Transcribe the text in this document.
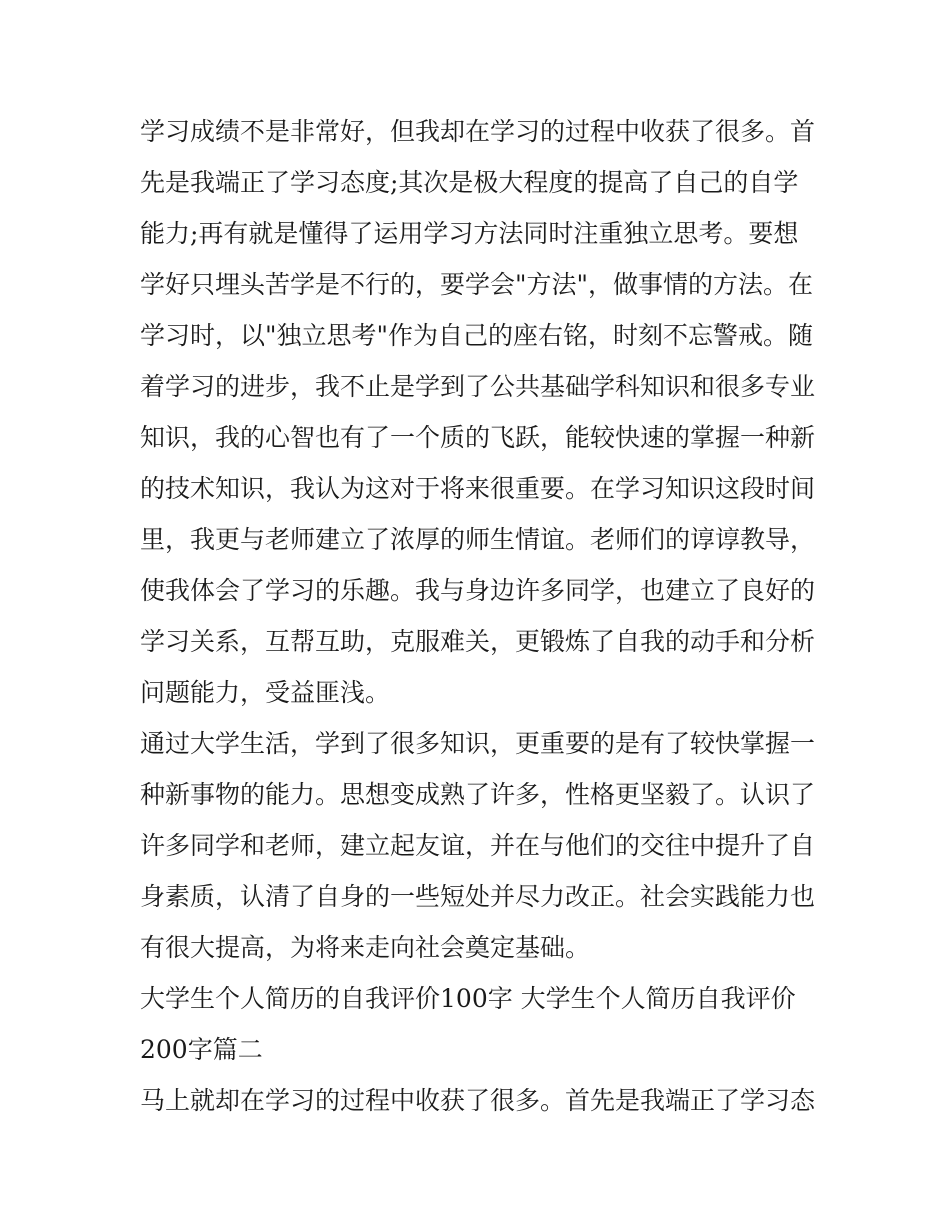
学习成绩不是非常好，但我却在学习的过程中收获了很多。首
先是我端正了学习态度;其次是极大程度的提高了自己的自学
能力;再有就是懂得了运用学习方法同时注重独立思考。要想
学好只埋头苦学是不行的，要学会"方法"，做事情的方法。在
学习时，以"独立思考"作为自己的座右铭，时刻不忘警戒。随
着学习的进步，我不止是学到了公共基础学科知识和很多专业
知识，我的心智也有了一个质的飞跃，能较快速的掌握一种新
的技术知识，我认为这对于将来很重要。在学习知识这段时间
里，我更与老师建立了浓厚的师生情谊。老师们的谆谆教导，
使我体会了学习的乐趣。我与身边许多同学，也建立了良好的
学习关系，互帮互助，克服难关，更锻炼了自我的动手和分析
问题能力，受益匪浅。

通过大学生活，学到了很多知识，更重要的是有了较快掌握一
种新事物的能力。思想变成熟了许多，性格更坚毅了。认识了
许多同学和老师，建立起友谊，并在与他们的交往中提升了自
身素质，认清了自身的一些短处并尽力改正。社会实践能力也
有很大提高，为将来走向社会奠定基础。

大学生个人简历的自我评价100字 大学生个人简历自我评价
200字篇二

马上就却在学习的过程中收获了很多。首先是我端正了学习态
